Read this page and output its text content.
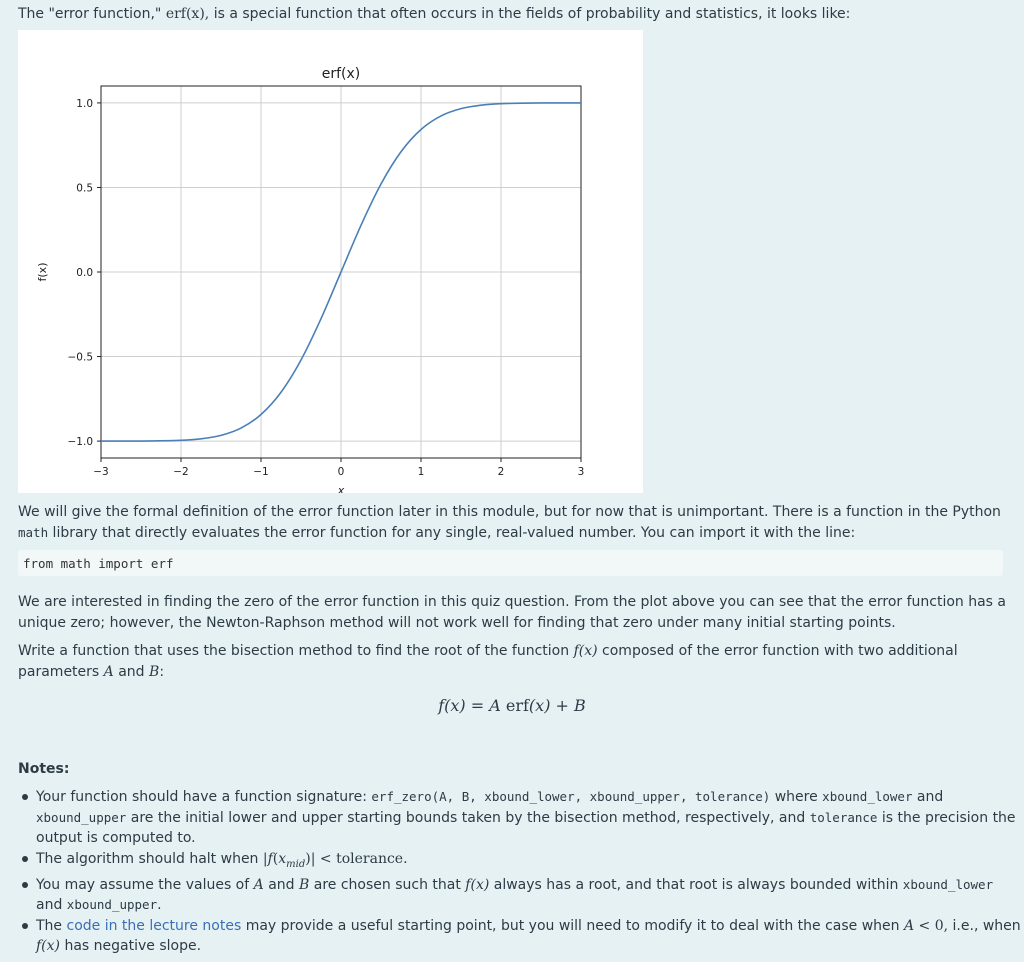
The "error function," erf(x), is a special function that often occurs in the fields of probability and statistics, it looks like:

−3	−2	−1	0	1	2	3
1.0
0.5
0.0
−0.5
−1.0
erf(x)
x
f(x)

We will give the formal definition of the error function later in this module, but for now that is unimportant. There is a function in the Python math library that directly evaluates the error function for any single, real-valued number. You can import it with the line:

from math import erf

We are interested in finding the zero of the error function in this quiz question. From the plot above you can see that the error function has a unique zero; however, the Newton-Raphson method will not work well for finding that zero under many initial starting points.

Write a function that uses the bisection method to find the root of the function f(x) composed of the error function with two additional parameters A and B:

f(x) = A erf(x) + B
Notes:
Your function should have a function signature: erf_zero(A, B, xbound_lower, xbound_upper, tolerance) where xbound_lower and xbound_upper are the initial lower and upper starting bounds taken by the bisection method, respectively, and tolerance is the precision the output is computed to.
The algorithm should halt when $|f(x_{mid})|$ < tolerance.
You may assume the values of A and B are chosen such that f(x) always has a root, and that root is always bounded within xbound_lower and xbound_upper.
The code in the lecture notes may provide a useful starting point, but you will need to modify it to deal with the case when A < 0, i.e., when f(x) has negative slope.
